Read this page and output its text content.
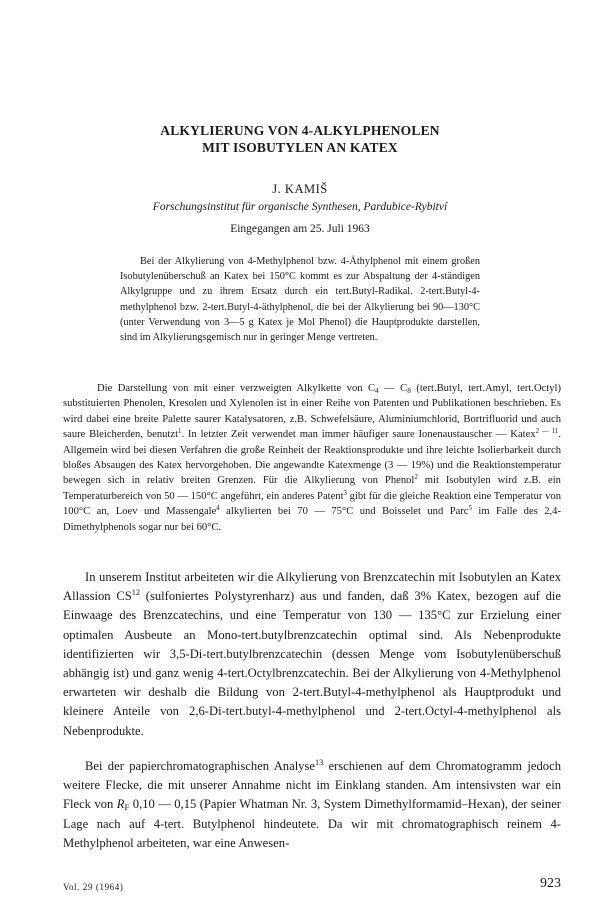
ALKYLIERUNG VON 4-ALKYLPHENOLEN
MIT ISOBUTYLEN AN KATEX
J. KAMIŠ
Forschungsinstitut für organische Synthesen, Pardubice-Rybitví
Eingegangen am 25. Juli 1963

Bei der Alkylierung von 4-Methylphenol bzw. 4-Äthylphenol mit einem großen Isobutylenüberschuß an Katex bei 150°C kommt es zur Abspaltung der 4-ständigen Alkylgruppe und zu ihrem Ersatz durch ein tert.Butyl-Radikal. 2-tert.Butyl-4-methylphenol bzw. 2-tert.Butyl-4-äthylphenol, die bei der Alkylierung bei 90—130°C (unter Verwendung von 3—5 g Katex je Mol Phenol) die Hauptprodukte darstellen, sind im Alkylierungsgemisch nur in geringer Menge vertreten.

Die Darstellung von mit einer verzweigten Alkylkette von $C_4$ — $C_8$ (tert.Butyl, tert.Amyl, tert.Octyl) substituierten Phenolen, Kresolen und Xylenolen ist in einer Reihe von Patenten und Publikationen beschrieben. Es wird dabei eine breite Palette saurer Katalysatoren, z.B. Schwefelsäure, Aluminiumchlorid, Bortrifluorid und auch saure Bleicherden, benutzt$^1$. In letzter Zeit verwendet man immer häufiger saure Ionenaustauscher — Katex$^{2 — 11}$. Allgemein wird bei diesen Verfahren die große Reinheit der Reaktionsprodukte und ihre leichte Isolierbarkeit durch bloßes Absaugen des Katex hervorgehoben. Die angewandte Katexmenge (3 — 19%) und die Reaktionstemperatur bewegen sich in relativ breiten Grenzen. Für die Alkylierung von Phenol$^2$ mit Isobutylen wird z.B. ein Temperaturbereich von 50 — 150°C angeführt, ein anderes Patent$^3$ gibt für die gleiche Reaktion eine Temperatur von 100°C an, Loev und Massengale$^4$ alkylierten bei 70 — 75°C und Boisselet und Parc$^5$ im Falle des 2,4-Dimethylphenols sogar nur bei 60°C.

In unserem Institut arbeiteten wir die Alkylierung von Brenzcatechin mit Isobutylen an Katex Allassion CS$^{12}$ (sulfoniertes Polystyrenharz) aus und fanden, daß 3% Katex, bezogen auf die Einwaage des Brenzcatechins, und eine Temperatur von 130 — 135°C zur Erzielung einer optimalen Ausbeute an Mono-tert.butylbrenzcatechin optimal sind. Als Nebenprodukte identifizierten wir 3,5-Di-tert.butylbrenzcatechin (dessen Menge vom Isobutylenüberschuß abhängig ist) und ganz wenig 4-tert.Octylbrenzcatechin. Bei der Alkylierung von 4-Methylphenol erwarteten wir deshalb die Bildung von 2-tert.Butyl-4-methylphenol als Hauptprodukt und kleinere Anteile von 2,6-Di-tert.butyl-4-methylphenol und 2-tert.Octyl-4-methylphenol als Nebenprodukte.

Bei der papierchromatographischen Analyse$^{13}$ erschienen auf dem Chromatogramm jedoch weitere Flecke, die mit unserer Annahme nicht im Einklang standen. Am intensivsten war ein Fleck von $R_F$ 0,10 — 0,15 (Papier Whatman Nr. 3, System Dimethylformamid–Hexan), der seiner Lage nach auf 4-tert. Butylphenol hindeutete. Da wir mit chromatographisch reinem 4-Methylphenol arbeiteten, war eine Anwesen-

Vol. 29 (1964)	923
